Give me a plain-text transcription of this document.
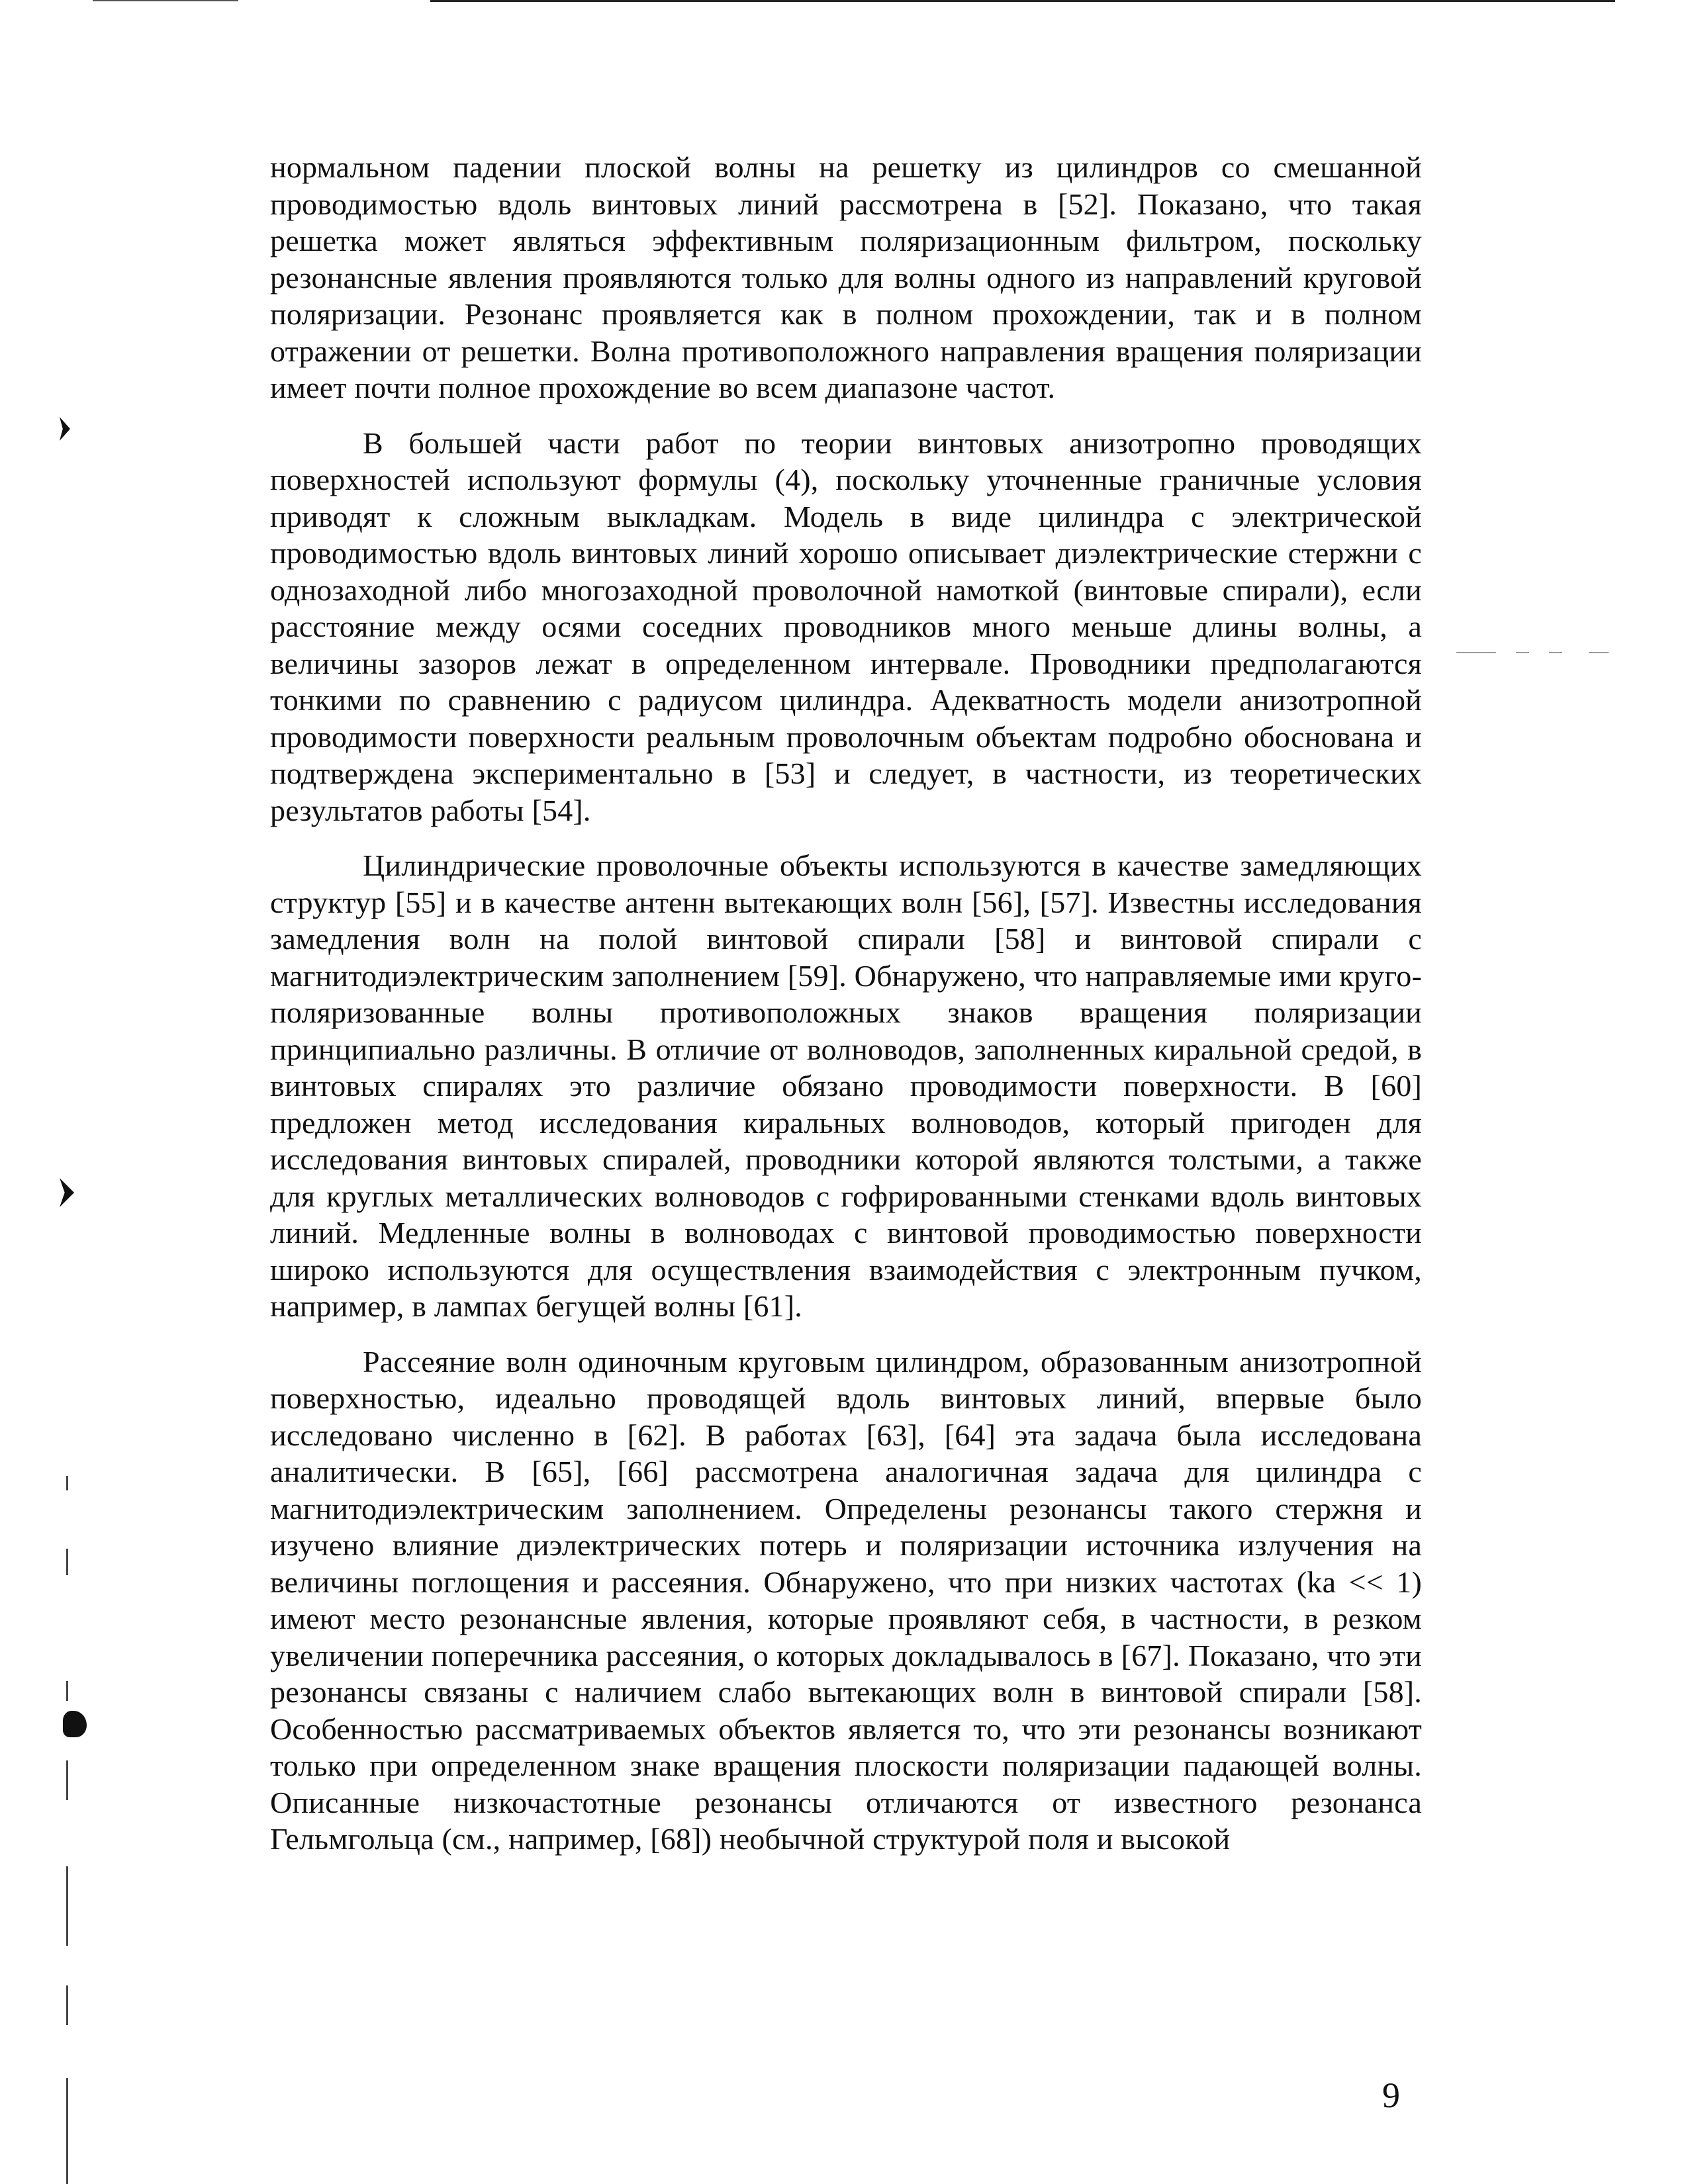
нормальном падении плоской волны на решетку из цилиндров со смешанной проводимостью вдоль винтовых линий рассмотрена в [52]. Показано, что такая решетка может являться эффективным поляризационным фильтром, поскольку резонансные явления проявляются только для волны одного из направлений круговой поляризации. Резонанс проявляется как в полном прохождении, так и в полном отражении от решетки. Волна противоположного направления вращения поляризации имеет почти полное прохождение во всем диапазоне частот.

В большей части работ по теории винтовых анизотропно проводящих поверхностей используют формулы (4), поскольку уточненные граничные условия приводят к сложным выкладкам. Модель в виде цилиндра с электрической проводимостью вдоль винтовых линий хорошо описывает диэлектрические стержни с однозаходной либо многозаходной проволочной намоткой (винтовые спирали), если расстояние между осями соседних проводников много меньше длины волны, а величины зазоров лежат в определенном интервале. Проводники предполагаются тонкими по сравнению с радиусом цилиндра. Адекватность модели анизотропной проводимости поверхности реальным проволочным объектам подробно обоснована и подтверждена экспериментально в [53] и следует, в частности, из теоретических результатов работы [54].

Цилиндрические проволочные объекты используются в качестве замедляющих структур [55] и в качестве антенн вытекающих волн [56], [57]. Известны исследования замедления волн на полой винтовой спирали [58] и винтовой спирали с магнитодиэлектрическим заполнением [59]. Обнаружено, что направляемые ими круго-поляризованные волны противоположных знаков вращения поляризации принципиально различны. В отличие от волноводов, заполненных киральной средой, в винтовых спиралях это различие обязано проводимости поверхности. В [60] предложен метод исследования киральных волноводов, который пригоден для исследования винтовых спиралей, проводники которой являются толстыми, а также для круглых металлических волноводов с гофрированными стенками вдоль винтовых линий. Медленные волны в волноводах с винтовой проводимостью поверхности широко используются для осуществления взаимодействия с электронным пучком, например, в лампах бегущей волны [61].

Рассеяние волн одиночным круговым цилиндром, образованным анизотропной поверхностью, идеально проводящей вдоль винтовых линий, впервые было исследовано численно в [62]. В работах [63], [64] эта задача была исследована аналитически. В [65], [66] рассмотрена аналогичная задача для цилиндра с магнитодиэлектрическим заполнением. Определены резонансы такого стержня и изучено влияние диэлектрических потерь и поляризации источника излучения на величины поглощения и рассеяния. Обнаружено, что при низких частотах (ka << 1) имеют место резонансные явления, которые проявляют себя, в частности, в резком увеличении поперечника рассеяния, о которых докладывалось в [67]. Показано, что эти резонансы связаны с наличием слабо вытекающих волн в винтовой спирали [58]. Особенностью рассматриваемых объектов является то, что эти резонансы возникают только при определенном знаке вращения плоскости поляризации падающей волны. Описанные низкочастотные резонансы отличаются от известного резонанса Гельмгольца (см., например, [68]) необычной структурой поля и высокой

9
